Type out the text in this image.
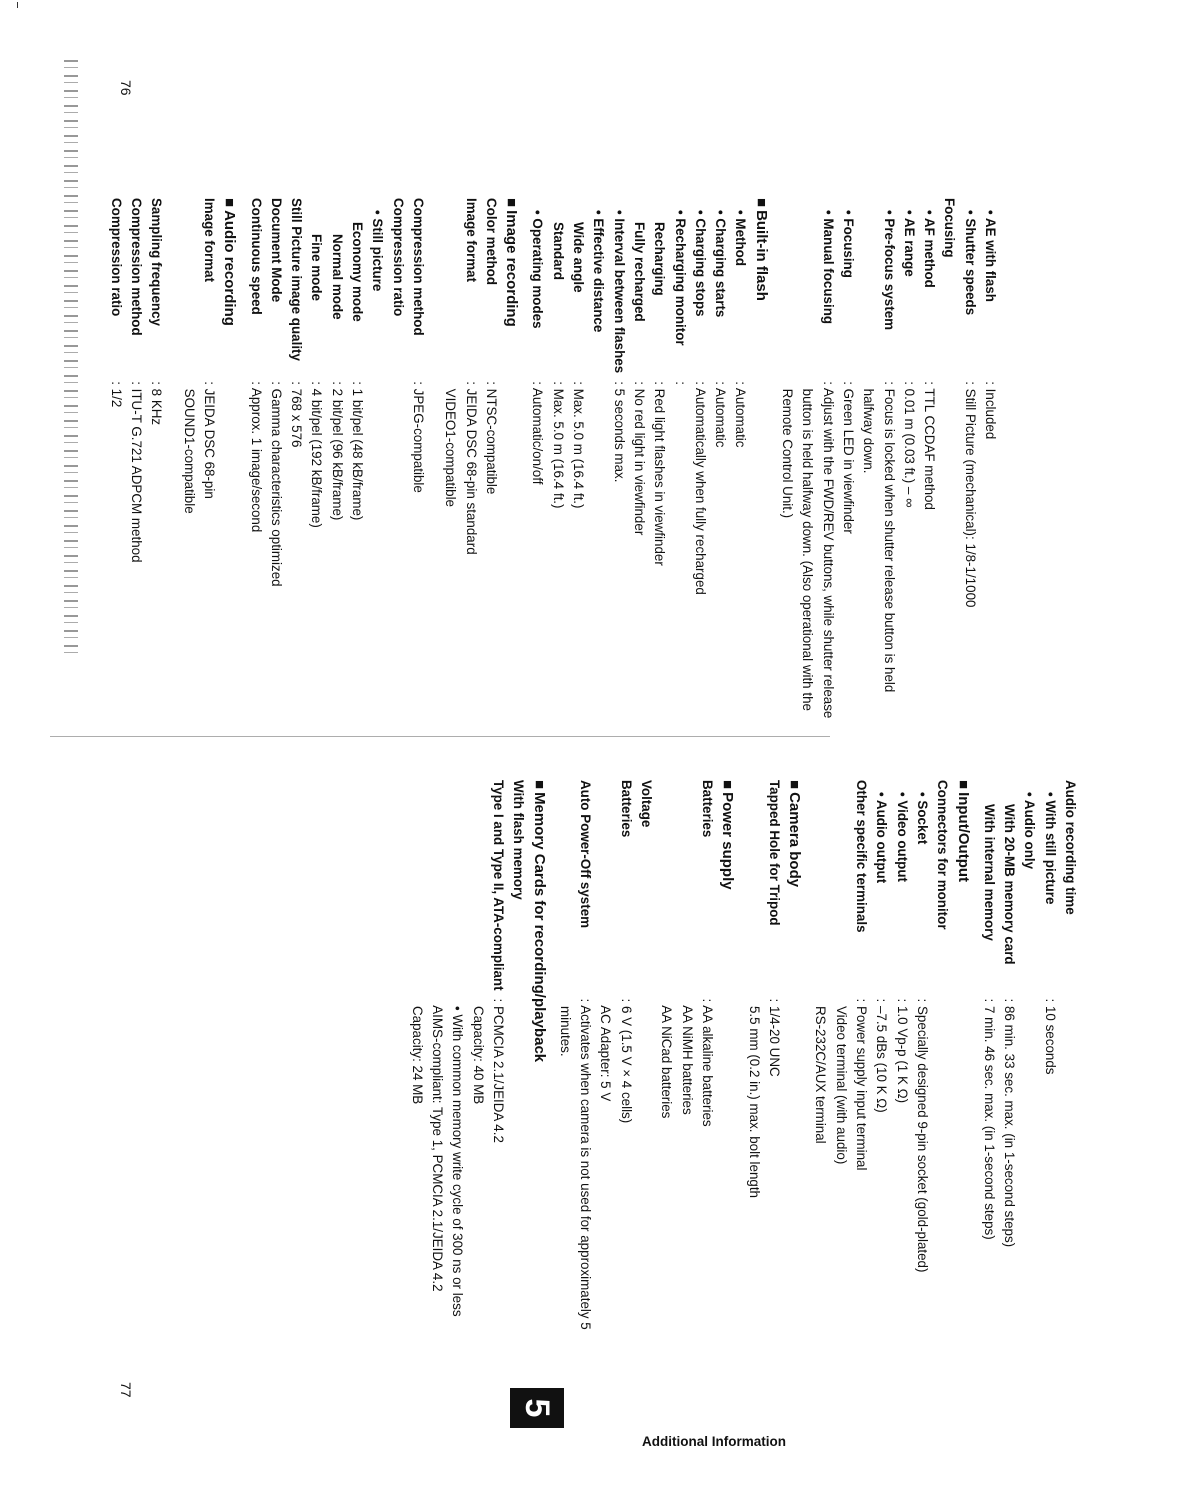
• AE with flash	: Included
• Shutter speeds	: Still Picture (mechanical): 1/8-1/1000
Focusing	
• AF method	: TTL CCDAF method
• AE range	: 0.01 m (0.03 ft.) – ∞
• Pre-focus system	: Focus is locked when shutter release button is held
halfway down.
• Focusing	: Green LED in viewfinder
• Manual focusing	: Adjust with the FWD/REV buttons, while shutter release
button is held halfway down. (Also operational with the
Remote Control Unit.)
■ Built-in flash
• Method	: Automatic
• Charging starts	: Automatic
• Charging stops	: Automatically when fully recharged
• Recharging monitor	:
Recharging	: Red light flashes in viewfinder
Fully recharged	: No red light in viewfinder
• Interval between flashes	: 5 seconds max.
• Effective distance	
Wide angle	: Max. 5.0 m (16.4 ft.)
Standard	: Max. 5.0 m (16.4 ft.)
• Operating modes	: Automatic/on/off
■ Image recording
Color method	: NTSC-compatible
Image format	: JEIDA DSC 68-pin standard
VIDEO1-compatible

Compression method	: JPEG-compatible
Compression ratio	
• Still picture	
Economy mode	: 1 bit/pel (48 kB/frame)
Normal mode	: 2 bit/pel (96 kB/frame)
Fine mode	: 4 bit/pel (192 kB/frame)
Still Picture image quality	: 768 x 576
Document Mode	: Gamma characteristics optimized
Continuous speed	: Approx. 1 image/second
■ Audio recording
Image format	: JEIDA DSC 68-pin
SOUND1-compatible

Sampling frequency	: 8 KHz
Compression method	: ITU-T G.721 ADPCM method
Compression ratio	: 1/2
76
Audio recording time	
• With still picture	: 10 seconds
• Audio only	
With 20-MB memory card	: 86 min. 33 sec. max. (in 1-second steps)
With internal memory	: 7 min. 46 sec. max. (in 1-second steps)
■ Input/Output
Connectors for monitor	
• Socket	: Specially designed 9-pin socket (gold-plated)
• Video output	: 1.0 Vp-p (1 K Ω)
• Audio output	: –7.5 dBs (10 K Ω)
Other specific terminals	: Power supply input terminal
Video terminal (with audio)
RS-232C/AUX terminal
■ Camera body
Tapped Hole for Tripod	: 1/4-20 UNC
5.5 mm (0.2 in.) max. bolt length
■ Power supply
Batteries	: AA alkaline batteries
AA NiMH batteries
AA NiCad batteries
Voltage	
Batteries	: 6 V (1.5 V × 4 cells)
AC Adapter: 5 V
Auto Power-Off system	: Activates when camera is not used for approximately 5
minutes.
■ Memory Cards for recording/playback
With flash memory	
Type I and Type II, ATA-compliant	: PCMCIA 2.1/JEIDA 4.2
Capacity: 40 MB
• With common memory write cycle of 300 ns or less
AIMS-compliant: Type 1, PCMCIA 2.1/JEIDA 4.2
Capacity: 24 MB
5
Additional Information
77
